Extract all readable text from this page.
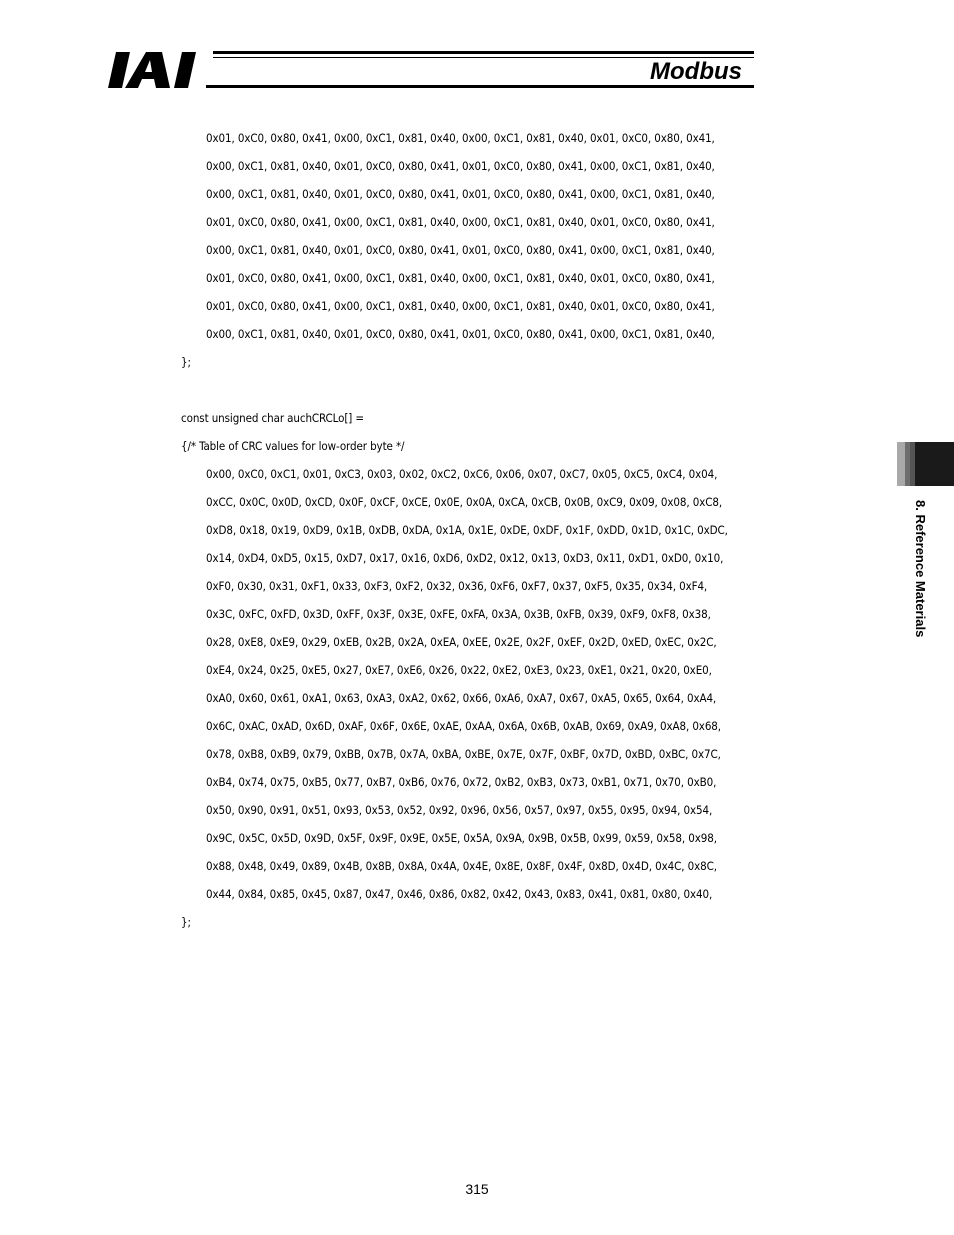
Modbus
0x01, 0xC0, 0x80, 0x41, 0x00, 0xC1, 0x81, 0x40, 0x00, 0xC1, 0x81, 0x40, 0x01, 0xC0, 0x80, 0x41,
0x00, 0xC1, 0x81, 0x40, 0x01, 0xC0, 0x80, 0x41, 0x01, 0xC0, 0x80, 0x41, 0x00, 0xC1, 0x81, 0x40,
0x00, 0xC1, 0x81, 0x40, 0x01, 0xC0, 0x80, 0x41, 0x01, 0xC0, 0x80, 0x41, 0x00, 0xC1, 0x81, 0x40,
0x01, 0xC0, 0x80, 0x41, 0x00, 0xC1, 0x81, 0x40, 0x00, 0xC1, 0x81, 0x40, 0x01, 0xC0, 0x80, 0x41,
0x00, 0xC1, 0x81, 0x40, 0x01, 0xC0, 0x80, 0x41, 0x01, 0xC0, 0x80, 0x41, 0x00, 0xC1, 0x81, 0x40,
0x01, 0xC0, 0x80, 0x41, 0x00, 0xC1, 0x81, 0x40, 0x00, 0xC1, 0x81, 0x40, 0x01, 0xC0, 0x80, 0x41,
0x01, 0xC0, 0x80, 0x41, 0x00, 0xC1, 0x81, 0x40, 0x00, 0xC1, 0x81, 0x40, 0x01, 0xC0, 0x80, 0x41,
0x00, 0xC1, 0x81, 0x40, 0x01, 0xC0, 0x80, 0x41, 0x01, 0xC0, 0x80, 0x41, 0x00, 0xC1, 0x81, 0x40,
};
const unsigned char auchCRCLo[] =
{/* Table of CRC values for low-order byte */
0x00, 0xC0, 0xC1, 0x01, 0xC3, 0x03, 0x02, 0xC2, 0xC6, 0x06, 0x07, 0xC7, 0x05, 0xC5, 0xC4, 0x04,
0xCC, 0x0C, 0x0D, 0xCD, 0x0F, 0xCF, 0xCE, 0x0E, 0x0A, 0xCA, 0xCB, 0x0B, 0xC9, 0x09, 0x08, 0xC8,
0xD8, 0x18, 0x19, 0xD9, 0x1B, 0xDB, 0xDA, 0x1A, 0x1E, 0xDE, 0xDF, 0x1F, 0xDD, 0x1D, 0x1C, 0xDC,
0x14, 0xD4, 0xD5, 0x15, 0xD7, 0x17, 0x16, 0xD6, 0xD2, 0x12, 0x13, 0xD3, 0x11, 0xD1, 0xD0, 0x10,
0xF0, 0x30, 0x31, 0xF1, 0x33, 0xF3, 0xF2, 0x32, 0x36, 0xF6, 0xF7, 0x37, 0xF5, 0x35, 0x34, 0xF4,
0x3C, 0xFC, 0xFD, 0x3D, 0xFF, 0x3F, 0x3E, 0xFE, 0xFA, 0x3A, 0x3B, 0xFB, 0x39, 0xF9, 0xF8, 0x38,
0x28, 0xE8, 0xE9, 0x29, 0xEB, 0x2B, 0x2A, 0xEA, 0xEE, 0x2E, 0x2F, 0xEF, 0x2D, 0xED, 0xEC, 0x2C,
0xE4, 0x24, 0x25, 0xE5, 0x27, 0xE7, 0xE6, 0x26, 0x22, 0xE2, 0xE3, 0x23, 0xE1, 0x21, 0x20, 0xE0,
0xA0, 0x60, 0x61, 0xA1, 0x63, 0xA3, 0xA2, 0x62, 0x66, 0xA6, 0xA7, 0x67, 0xA5, 0x65, 0x64, 0xA4,
0x6C, 0xAC, 0xAD, 0x6D, 0xAF, 0x6F, 0x6E, 0xAE, 0xAA, 0x6A, 0x6B, 0xAB, 0x69, 0xA9, 0xA8, 0x68,
0x78, 0xB8, 0xB9, 0x79, 0xBB, 0x7B, 0x7A, 0xBA, 0xBE, 0x7E, 0x7F, 0xBF, 0x7D, 0xBD, 0xBC, 0x7C,
0xB4, 0x74, 0x75, 0xB5, 0x77, 0xB7, 0xB6, 0x76, 0x72, 0xB2, 0xB3, 0x73, 0xB1, 0x71, 0x70, 0xB0,
0x50, 0x90, 0x91, 0x51, 0x93, 0x53, 0x52, 0x92, 0x96, 0x56, 0x57, 0x97, 0x55, 0x95, 0x94, 0x54,
0x9C, 0x5C, 0x5D, 0x9D, 0x5F, 0x9F, 0x9E, 0x5E, 0x5A, 0x9A, 0x9B, 0x5B, 0x99, 0x59, 0x58, 0x98,
0x88, 0x48, 0x49, 0x89, 0x4B, 0x8B, 0x8A, 0x4A, 0x4E, 0x8E, 0x8F, 0x4F, 0x8D, 0x4D, 0x4C, 0x8C,
0x44, 0x84, 0x85, 0x45, 0x87, 0x47, 0x46, 0x86, 0x82, 0x42, 0x43, 0x83, 0x41, 0x81, 0x80, 0x40,
};
8. Reference Materials
315
